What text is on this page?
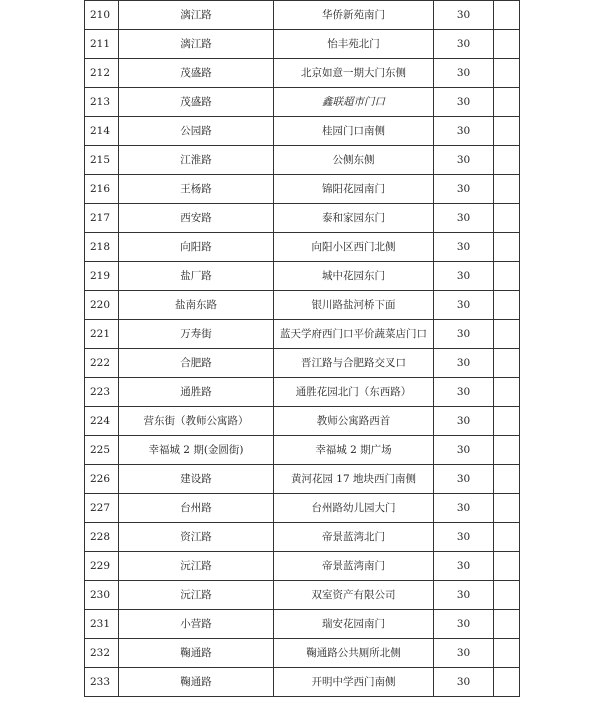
210	漓江路	华侨新苑南门	30	
211	漓江路	怡丰苑北门	30	
212	茂盛路	北京如意一期大门东侧	30	
213	茂盛路	鑫联超市门口	30	
214	公园路	桂园门口南侧	30	
215	江淮路	公侧东侧	30	
216	王杨路	锦阳花园南门	30	
217	西安路	泰和家园东门	30	
218	向阳路	向阳小区西门北侧	30	
219	盐厂路	城中花园东门	30	
220	盐南东路	银川路盐河桥下面	30	
221	万寿街	蓝天学府西门口平价蔬菜店门口	30	
222	合肥路	晋江路与合肥路交叉口	30	
223	通胜路	通胜花园北门（东西路）	30	
224	营东街（教师公寓路）	教师公寓路西首	30	
225	幸福城 2 期(金圆街)	幸福城 2 期广场	30	
226	建设路	黄河花园 17 地块西门南侧	30	
227	台州路	台州路幼儿园大门	30	
228	资江路	帝景蓝湾北门	30	
229	沅江路	帝景蓝湾南门	30	
230	沅江路	双室资产有限公司	30	
231	小营路	瑞安花园南门	30	
232	鞠通路	鞠通路公共厕所北侧	30	
233	鞠通路	开明中学西门南侧	30	
